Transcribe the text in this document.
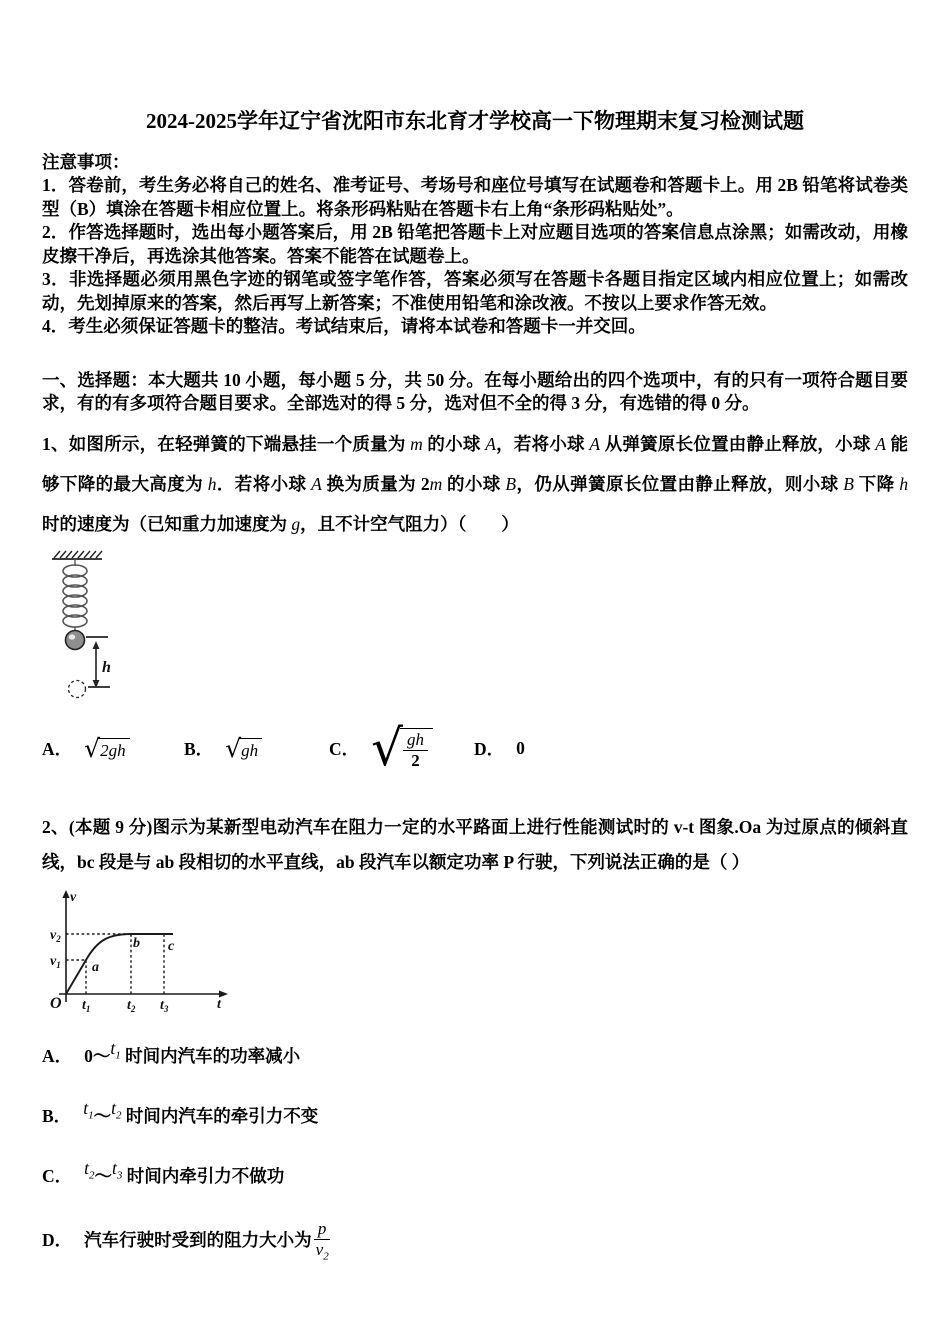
2024-2025学年辽宁省沈阳市东北育才学校高一下物理期末复习检测试题
注意事项：
1．答卷前，考生务必将自己的姓名、准考证号、考场号和座位号填写在试题卷和答题卡上。用 2B 铅笔将试卷类型（B）填涂在答题卡相应位置上。将条形码粘贴在答题卡右上角“条形码粘贴处”。
2．作答选择题时，选出每小题答案后，用 2B 铅笔把答题卡上对应题目选项的答案信息点涂黑；如需改动，用橡皮擦干净后，再选涂其他答案。答案不能答在试题卷上。
3．非选择题必须用黑色字迹的钢笔或签字笔作答，答案必须写在答题卡各题目指定区域内相应位置上；如需改动，先划掉原来的答案，然后再写上新答案；不准使用铅笔和涂改液。不按以上要求作答无效。
4．考生必须保证答题卡的整洁。考试结束后，请将本试卷和答题卡一并交回。
一、选择题：本大题共 10 小题，每小题 5 分，共 50 分。在每小题给出的四个选项中，有的只有一项符合题目要求，有的有多项符合题目要求。全部选对的得 5 分，选对但不全的得 3 分，有选错的得 0 分。
1、如图所示，在轻弹簧的下端悬挂一个质量为 m 的小球 A，若将小球 A 从弹簧原长位置由静止释放，小球 A 能够下降的最大高度为 h．若将小球 A 换为质量为 2m 的小球 B，仍从弹簧原长位置由静止释放，则小球 B 下降 h 时的速度为（已知重力加速度为 g，且不计空气阻力）（　　）
h
A． √ 2gh	B． √ gh	C． √ $\frac{gh}{2}$	D． 0
2、(本题 9 分)图示为某新型电动汽车在阻力一定的水平路面上进行性能测试时的 v-t 图象.Oa 为过原点的倾斜直线，bc 段是与 ab 段相切的水平直线，ab 段汽车以额定功率 P 行驶，下列说法正确的是（ ）
v
t
O
$v_2$
$v_1$
$t_1$	$t_2$ $t_3$
a
b c
A． $0\sim t_1$ 时间内汽车的功率减小
B． $t_1\sim t_2$ 时间内汽车的牵引力不变
C． $t_2\sim t_3$ 时间内牵引力不做功
D． 汽车行驶时受到的阻力大小为 $\frac{p}{v_2}$
